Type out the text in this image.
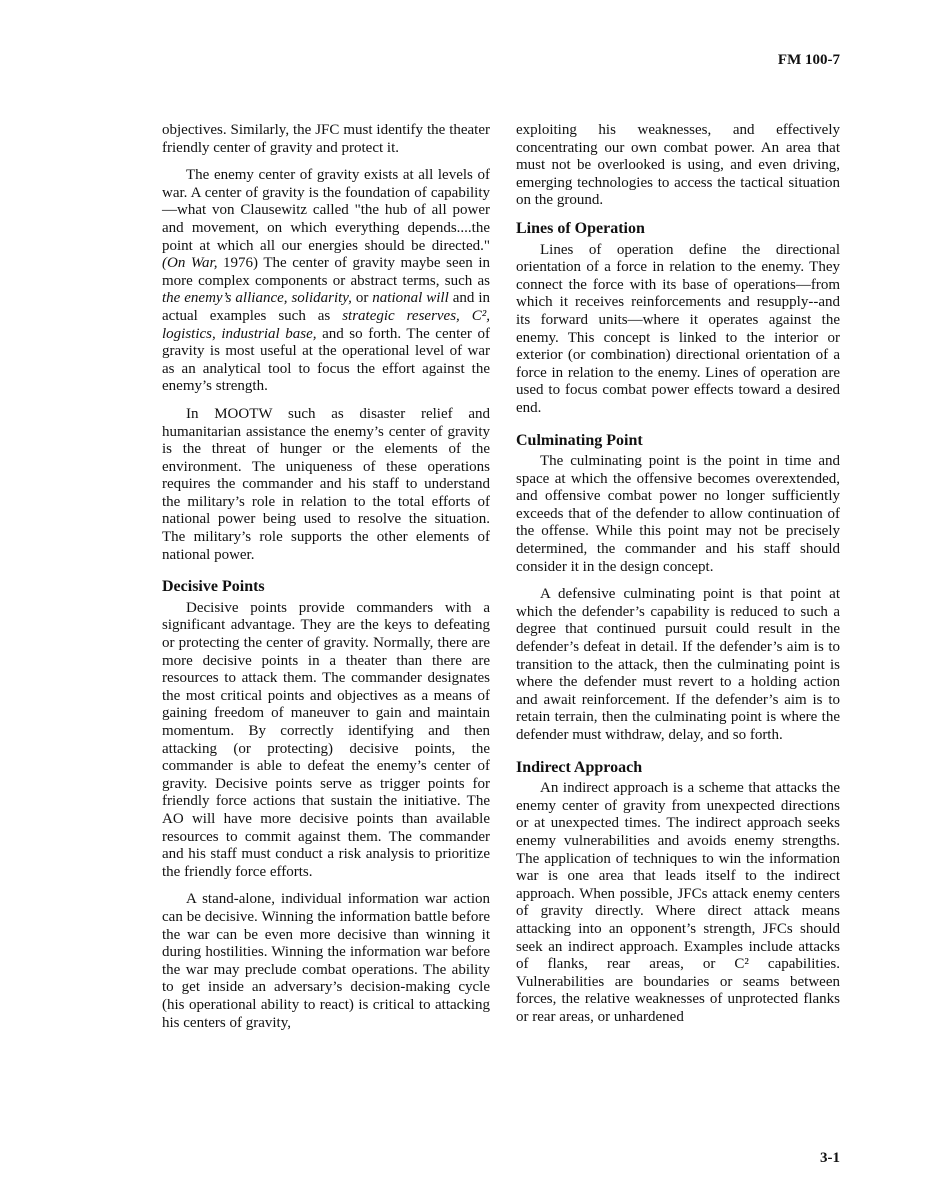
FM 100-7

objectives. Similarly, the JFC must identify the theater friendly center of gravity and protect it.

The enemy center of gravity exists at all levels of war. A center of gravity is the foundation of capability—what von Clausewitz called "the hub of all power and movement, on which everything depends....the point at which all our energies should be directed." (On War, 1976) The center of gravity maybe seen in more complex components or abstract terms, such as the enemy’s alliance, solidarity, or national will and in actual examples such as strategic reserves, C², logistics, industrial base, and so forth. The center of gravity is most useful at the operational level of war as an analytical tool to focus the effort against the enemy’s strength.

In MOOTW such as disaster relief and humanitarian assistance the enemy’s center of gravity is the threat of hunger or the elements of the environment. The uniqueness of these operations requires the commander and his staff to understand the military’s role in relation to the total efforts of national power being used to resolve the situation. The military’s role supports the other elements of national power.

Decisive Points

Decisive points provide commanders with a significant advantage. They are the keys to defeating or protecting the center of gravity. Normally, there are more decisive points in a theater than there are resources to attack them. The commander designates the most critical points and objectives as a means of gaining freedom of maneuver to gain and maintain momentum. By correctly identifying and then attacking (or protecting) decisive points, the commander is able to defeat the enemy’s center of gravity. Decisive points serve as trigger points for friendly force actions that sustain the initiative. The AO will have more decisive points than available resources to commit against them. The commander and his staff must conduct a risk analysis to prioritize the friendly force efforts.

A stand-alone, individual information war action can be decisive. Winning the information battle before the war can be even more decisive than winning it during hostilities. Winning the information war before the war may preclude combat operations. The ability to get inside an adversary’s decision-making cycle (his operational ability to react) is critical to attacking his centers of gravity,

exploiting his weaknesses, and effectively concentrating our own combat power. An area that must not be overlooked is using, and even driving, emerging technologies to access the tactical situation on the ground.

Lines of Operation

Lines of operation define the directional orientation of a force in relation to the enemy. They connect the force with its base of operations—from which it receives reinforcements and resupply--and its forward units—where it operates against the enemy. This concept is linked to the interior or exterior (or combination) directional orientation of a force in relation to the enemy. Lines of operation are used to focus combat power effects toward a desired end.

Culminating Point

The culminating point is the point in time and space at which the offensive becomes overextended, and offensive combat power no longer sufficiently exceeds that of the defender to allow continuation of the offense. While this point may not be precisely determined, the commander and his staff should consider it in the design concept.

A defensive culminating point is that point at which the defender’s capability is reduced to such a degree that continued pursuit could result in the defender’s defeat in detail. If the defender’s aim is to transition to the attack, then the culminating point is where the defender must revert to a holding action and await reinforcement. If the defender’s aim is to retain terrain, then the culminating point is where the defender must withdraw, delay, and so forth.

Indirect Approach

An indirect approach is a scheme that attacks the enemy center of gravity from unexpected directions or at unexpected times. The indirect approach seeks enemy vulnerabilities and avoids enemy strengths. The application of techniques to win the information war is one area that leads itself to the indirect approach. When possible, JFCs attack enemy centers of gravity directly. Where direct attack means attacking into an opponent’s strength, JFCs should seek an indirect approach. Examples include attacks of flanks, rear areas, or C² capabilities. Vulnerabilities are boundaries or seams between forces, the relative weaknesses of unprotected flanks or rear areas, or unhardened

3-1
